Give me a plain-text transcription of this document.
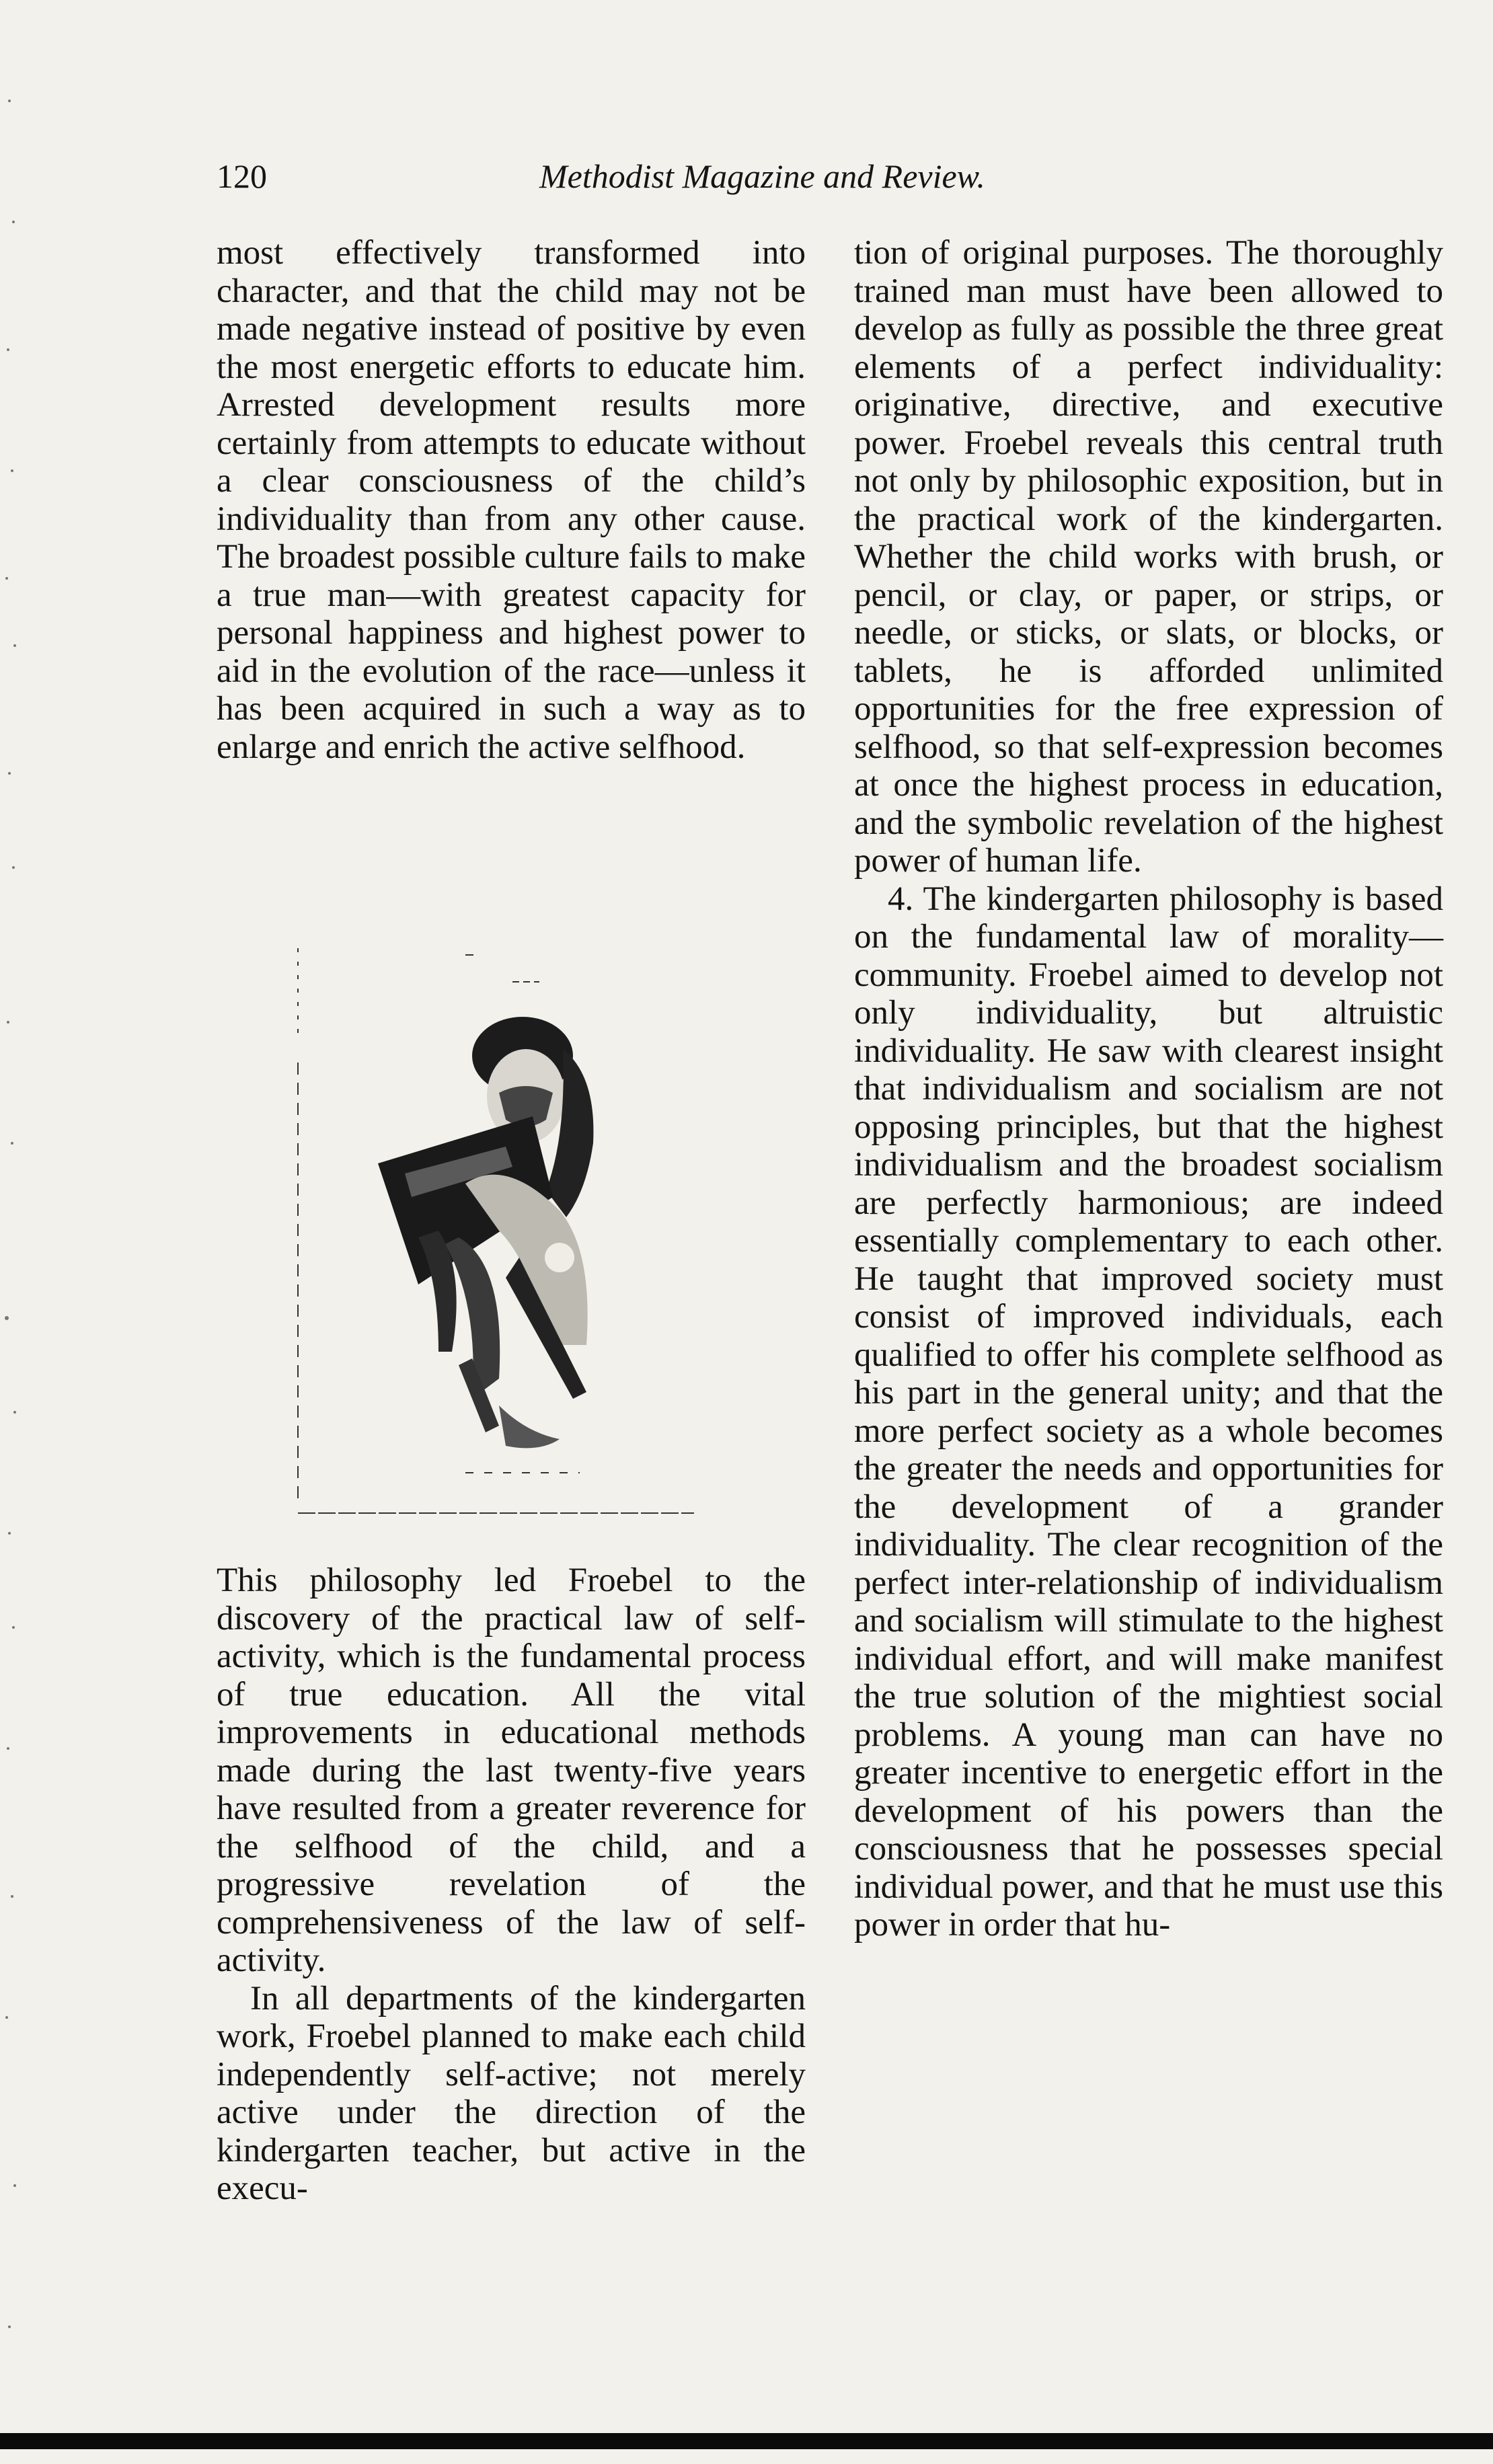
120	Methodist Magazine and Review.

most effectively transformed into character, and that the child may not be made negative instead of positive by even the most energetic efforts to educate him. Arrested development results more certainly from attempts to educate without a clear consciousness of the child’s individuality than from any other cause. The broadest possible culture fails to make a true man—with greatest capacity for personal happiness and highest power to aid in the evolution of the race—unless it has been acquired in such a way as to enlarge and enrich the active selfhood.

This philosophy led Froebel to the discovery of the practical law of self-activity, which is the fundamental process of true education. All the vital improvements in educational methods made during the last twenty-five years have resulted from a greater reverence for the selfhood of the child, and a progressive revelation of the comprehensiveness of the law of self-activity.

In all departments of the kindergarten work, Froebel planned to make each child independently self-active; not merely active under the direction of the kindergarten teacher, but active in the execu-

tion of original purposes. The thoroughly trained man must have been allowed to develop as fully as possible the three great elements of a perfect individuality: originative, directive, and executive power. Froebel reveals this central truth not only by philosophic exposition, but in the practical work of the kindergarten. Whether the child works with brush, or pencil, or clay, or paper, or strips, or needle, or sticks, or slats, or blocks, or tablets, he is afforded unlimited opportunities for the free expression of selfhood, so that self-expression becomes at once the highest process in education, and the symbolic revelation of the highest power of human life.

4. The kindergarten philosophy is based on the fundamental law of morality—community. Froebel aimed to develop not only individuality, but altruistic individuality. He saw with clearest insight that individualism and socialism are not opposing principles, but that the highest individualism and the broadest socialism are perfectly harmonious; are indeed essentially complementary to each other. He taught that improved society must consist of improved individuals, each qualified to offer his complete selfhood as his part in the general unity; and that the more perfect society as a whole becomes the greater the needs and opportunities for the development of a grander individuality. The clear recognition of the perfect inter-relationship of individualism and socialism will stimulate to the highest individual effort, and will make manifest the true solution of the mightiest social problems. A young man can have no greater incentive to energetic effort in the development of his powers than the consciousness that he possesses special individual power, and that he must use this power in order that hu-
